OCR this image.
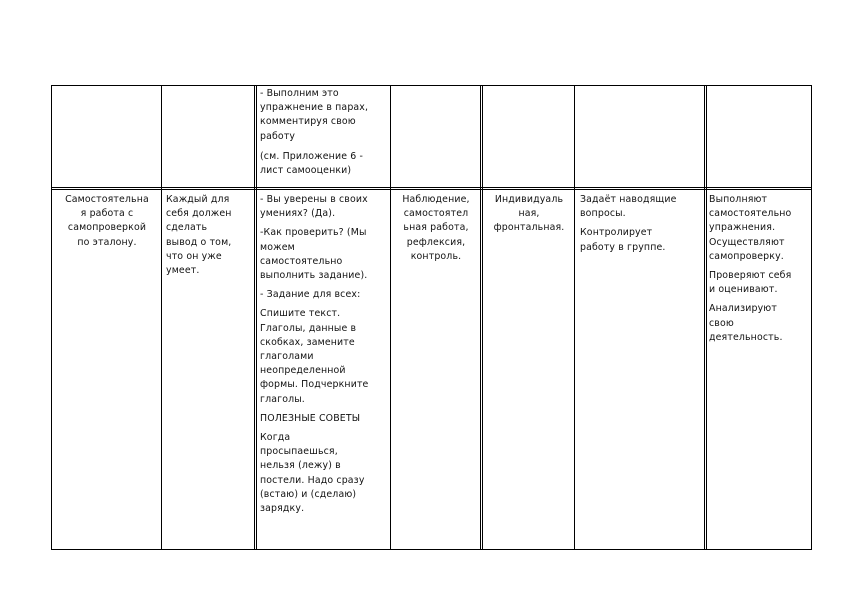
- Выполним это
упражнение в парах,
комментируя свою
работу

(см. Приложение 6 -
лист самооценки)

Самостоятельна
я работа с
самопроверкой
по эталону.

Каждый для
себя должен
сделать
вывод о том,
что он уже
умеет.

- Вы уверены в своих
умениях? (Да).

-Как проверить? (Мы
можем
самостоятельно
выполнить задание).

- Задание для всех:

Спишите текст.
Глаголы, данные в
скобках, замените
глаголами
неопределенной
формы. Подчеркните
глаголы.

ПОЛЕЗНЫЕ СОВЕТЫ

Когда
просыпаешься,
нельзя (лежу) в
постели. Надо сразу
(встаю) и (сделаю)
зарядку.

Наблюдение,
самостоятел
ьная работа,
рефлексия,
контроль.

Индивидуаль
ная,
фронтальная.

Задаёт наводящие
вопросы.

Контролирует
работу в группе.

Выполняют
самостоятельно
упражнения.
Осуществляют
самопроверку.

Проверяют себя
и оценивают.

Анализируют
свою
деятельность.
